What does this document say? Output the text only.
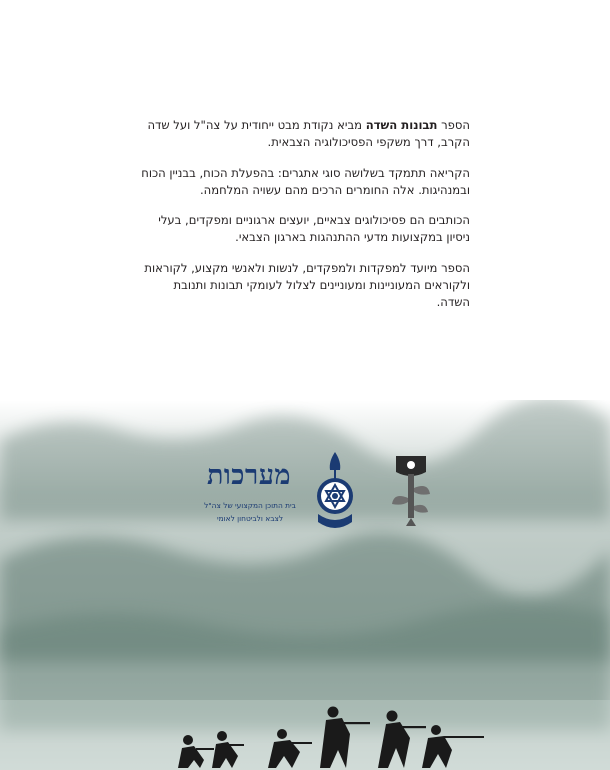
הספר תבונות השדה מביא נקודת מבט ייחודית על צה"ל ועל שדה הקרב, דרך משקפי הפסיכולוגיה הצבאית.

הקריאה תתמקד בשלושה סוגי אתגרים: בהפעלת הכוח, בבניין הכוח ובמנהיגות. אלה החומרים הרכים מהם עשויה המלחמה.

הכותבים הם פסיכולוגים צבאיים, יועצים ארגוניים ומפקדים, בעלי ניסיון במקצועות מדעי ההתנהגות בארגון הצבאי.

הספר מיועד למפקדות ולמפקדים, לנשות ולאנשי מקצוע, לקוראות ולקוראים המעוניינות ומעוניינים לצלול לעומקי תבונות ותנובת השדה.

מערכות
בית התוכן המקצועי של צה"ל
לצבא ולביטחון לאומי
